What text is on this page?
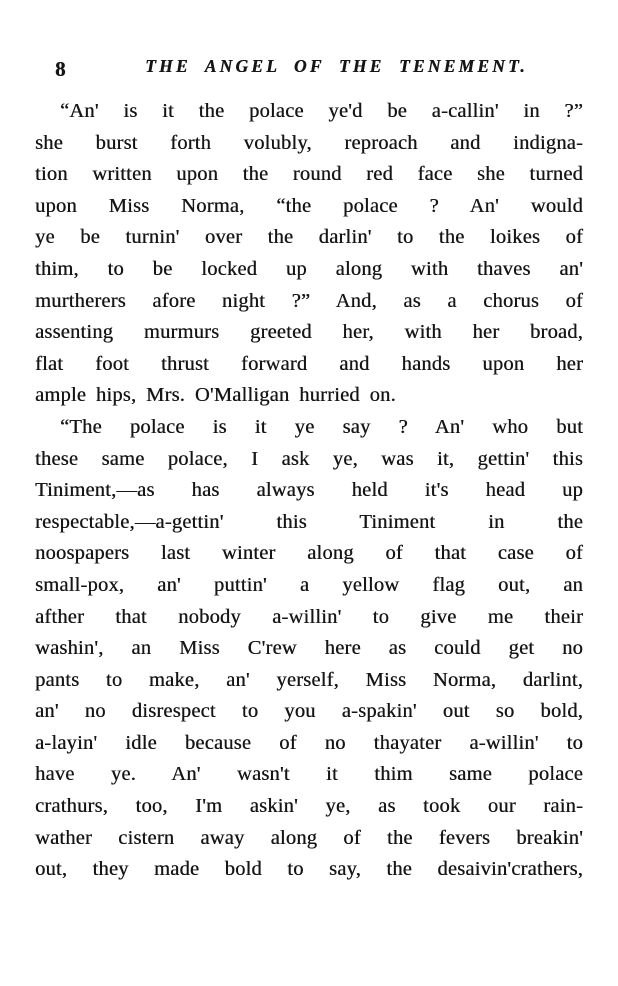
8	THE ANGEL OF THE TENEMENT.
“An' is it the polace ye'd be a-callin' in ?”
she burst forth volubly, reproach and indigna-
tion written upon the round red face she turned
upon Miss Norma, “the polace ? An' would
ye be turnin' over the darlin' to the loikes of
thim, to be locked up along with thaves an'
murtherers afore night ?” And, as a chorus of
assenting murmurs greeted her, with her broad,
flat foot thrust forward and hands upon her
ample hips, Mrs. O'Malligan hurried on.
“The polace is it ye say ? An' who but
these same polace, I ask ye, was it, gettin' this
Tiniment,—as has always held it's head up
respectable,—a-gettin' this Tiniment in the
noospapers last winter along of that case of
small-pox, an' puttin' a yellow flag out, an
afther that nobody a-willin' to give me their
washin', an Miss C'rew here as could get no
pants to make, an' yerself, Miss Norma, darlint,
an' no disrespect to you a-spakin' out so bold,
a-layin' idle because of no thayater a-willin' to
have ye. An' wasn't it thim same polace
crathurs, too, I'm askin' ye, as took our rain-
wather cistern away along of the fevers breakin'
out, they made bold to say, the desaivin'crathers,
